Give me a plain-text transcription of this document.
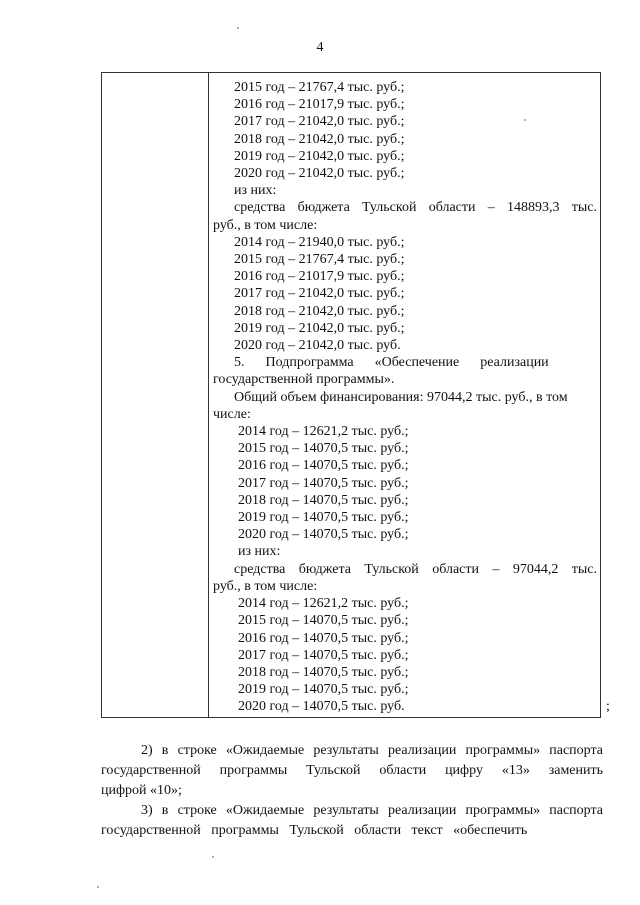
4
2015 год – 21767,4 тыс. руб.;
2016 год – 21017,9 тыс. руб.;
2017 год – 21042,0 тыс. руб.;
2018 год – 21042,0 тыс. руб.;
2019 год – 21042,0 тыс. руб.;
2020 год – 21042,0 тыс. руб.;
из них:
средства бюджета Тульской области – 148893,3 тыс.
руб., в том числе:
2014 год – 21940,0 тыс. руб.;
2015 год – 21767,4 тыс. руб.;
2016 год – 21017,9 тыс. руб.;
2017 год – 21042,0 тыс. руб.;
2018 год – 21042,0 тыс. руб.;
2019 год – 21042,0 тыс. руб.;
2020 год – 21042,0 тыс. руб.
5.      Подпрограмма      «Обеспечение      реализации
государственной программы».
Общий объем финансирования: 97044,2 тыс. руб., в том
числе:
2014 год – 12621,2 тыс. руб.;
2015 год – 14070,5 тыс. руб.;
2016 год – 14070,5 тыс. руб.;
2017 год – 14070,5 тыс. руб.;
2018 год – 14070,5 тыс. руб.;
2019 год – 14070,5 тыс. руб.;
2020 год – 14070,5 тыс. руб.;
из них:
средства бюджета Тульской области – 97044,2 тыс.
руб., в том числе:
2014 год – 12621,2 тыс. руб.;
2015 год – 14070,5 тыс. руб.;
2016 год – 14070,5 тыс. руб.;
2017 год – 14070,5 тыс. руб.;
2018 год – 14070,5 тыс. руб.;
2019 год – 14070,5 тыс. руб.;
2020 год – 14070,5 тыс. руб.	;
2) в строке «Ожидаемые результаты реализации программы» паспорта
государственной программы Тульской области цифру «13» заменить
цифрой «10»;
3) в строке «Ожидаемые результаты реализации программы» паспорта
государственной   программы   Тульской   области   текст   «обеспечить
